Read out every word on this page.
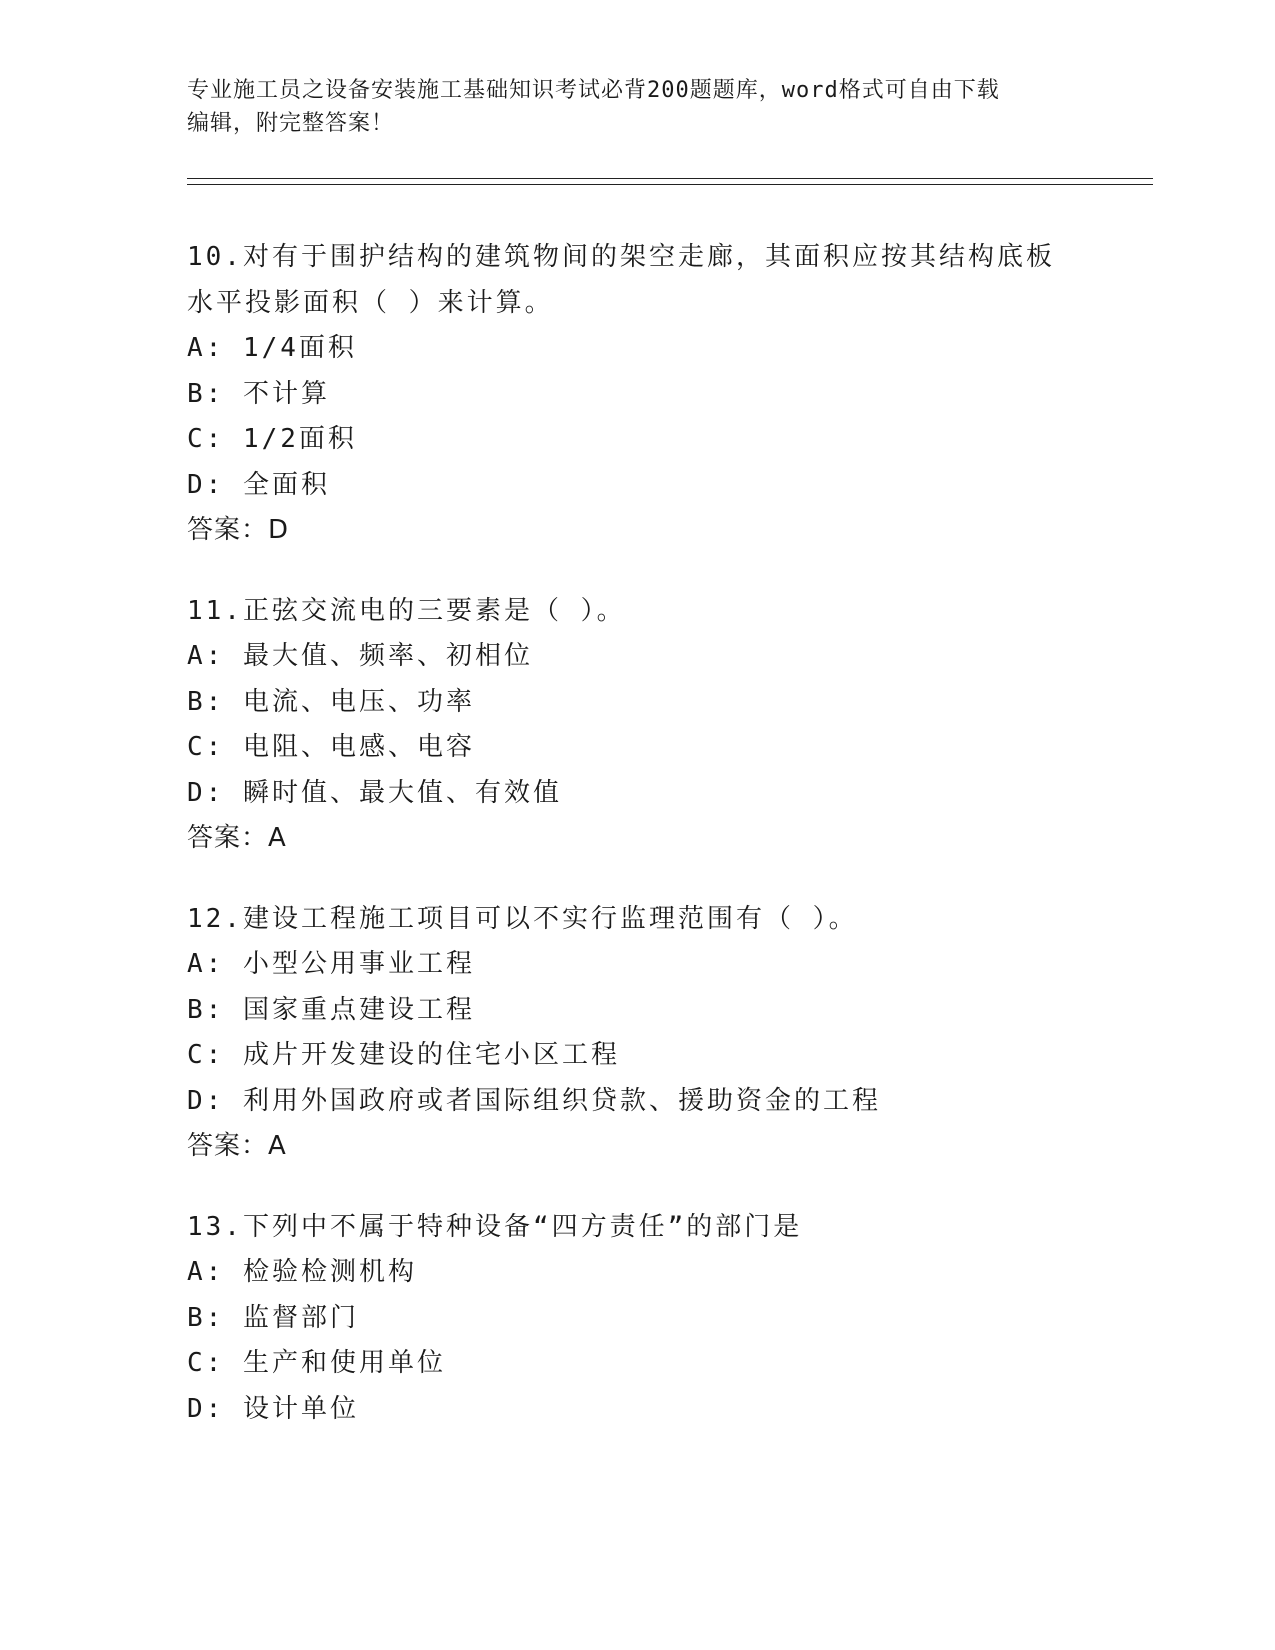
专业施工员之设备安装施工基础知识考试必背200题题库，word格式可自由下载
编辑，附完整答案！
10.对有于围护结构的建筑物间的架空走廊，其面积应按其结构底板水平投影面积（ ）来计算。
A: 1/4面积
B: 不计算
C: 1/2面积
D: 全面积
答案：D
11.正弦交流电的三要素是（ ）。
A: 最大值、频率、初相位
B: 电流、电压、功率
C: 电阻、电感、电容
D: 瞬时值、最大值、有效值
答案：A
12.建设工程施工项目可以不实行监理范围有（ ）。
A: 小型公用事业工程
B: 国家重点建设工程
C: 成片开发建设的住宅小区工程
D: 利用外国政府或者国际组织贷款、援助资金的工程
答案：A
13.下列中不属于特种设备“四方责任”的部门是
A: 检验检测机构
B: 监督部门
C: 生产和使用单位
D: 设计单位
